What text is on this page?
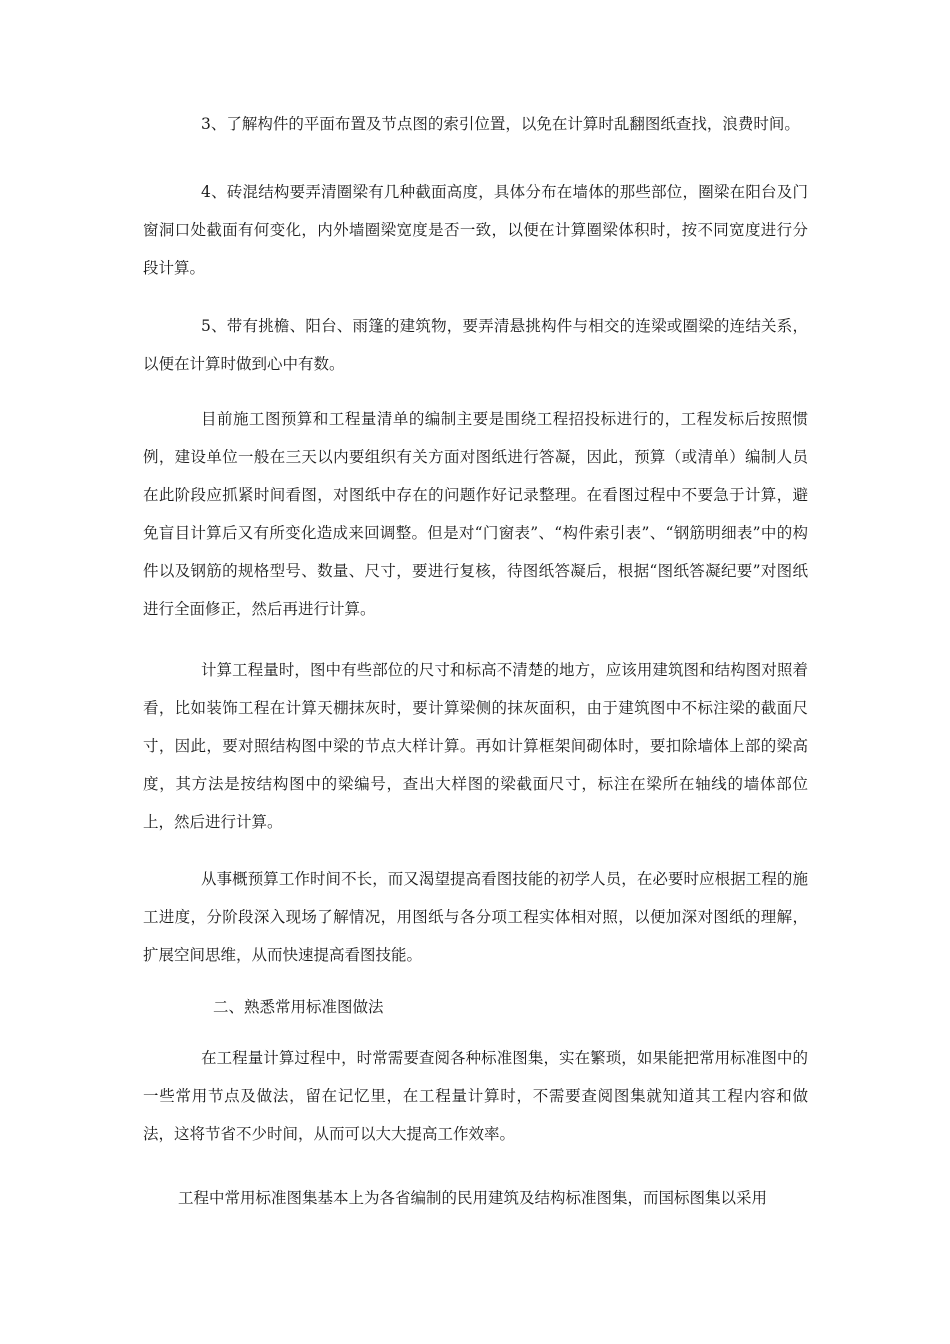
3、了解构件的平面布置及节点图的索引位置，以免在计算时乱翻图纸查找，浪费时间。
4、砖混结构要弄清圈梁有几种截面高度，具体分布在墙体的那些部位，圈梁在阳台及门窗洞口处截面有何变化，内外墙圈梁宽度是否一致，以便在计算圈梁体积时，按不同宽度进行分段计算。
5、带有挑檐、阳台、雨篷的建筑物，要弄清悬挑构件与相交的连梁或圈梁的连结关系，以便在计算时做到心中有数。
目前施工图预算和工程量清单的编制主要是围绕工程招投标进行的，工程发标后按照惯例，建设单位一般在三天以内要组织有关方面对图纸进行答凝，因此，预算（或清单）编制人员在此阶段应抓紧时间看图，对图纸中存在的问题作好记录整理。在看图过程中不要急于计算，避免盲目计算后又有所变化造成来回调整。但是对“门窗表”、“构件索引表”、“钢筋明细表”中的构件以及钢筋的规格型号、数量、尺寸，要进行复核，待图纸答凝后，根据“图纸答凝纪要”对图纸进行全面修正，然后再进行计算。
计算工程量时，图中有些部位的尺寸和标高不清楚的地方，应该用建筑图和结构图对照着看，比如装饰工程在计算天棚抹灰时，要计算梁侧的抹灰面积，由于建筑图中不标注梁的截面尺寸，因此，要对照结构图中梁的节点大样计算。再如计算框架间砌体时，要扣除墙体上部的梁高度，其方法是按结构图中的梁编号，查出大样图的梁截面尺寸，标注在梁所在轴线的墙体部位上，然后进行计算。
从事概预算工作时间不长，而又渴望提高看图技能的初学人员，在必要时应根据工程的施工进度，分阶段深入现场了解情况，用图纸与各分项工程实体相对照，以便加深对图纸的理解，扩展空间思维，从而快速提高看图技能。
二、熟悉常用标准图做法
在工程量计算过程中，时常需要查阅各种标准图集，实在繁琐，如果能把常用标准图中的一些常用节点及做法，留在记忆里，在工程量计算时，不需要查阅图集就知道其工程内容和做法，这将节省不少时间，从而可以大大提高工作效率。
工程中常用标准图集基本上为各省编制的民用建筑及结构标准图集，而国标图集以采用
